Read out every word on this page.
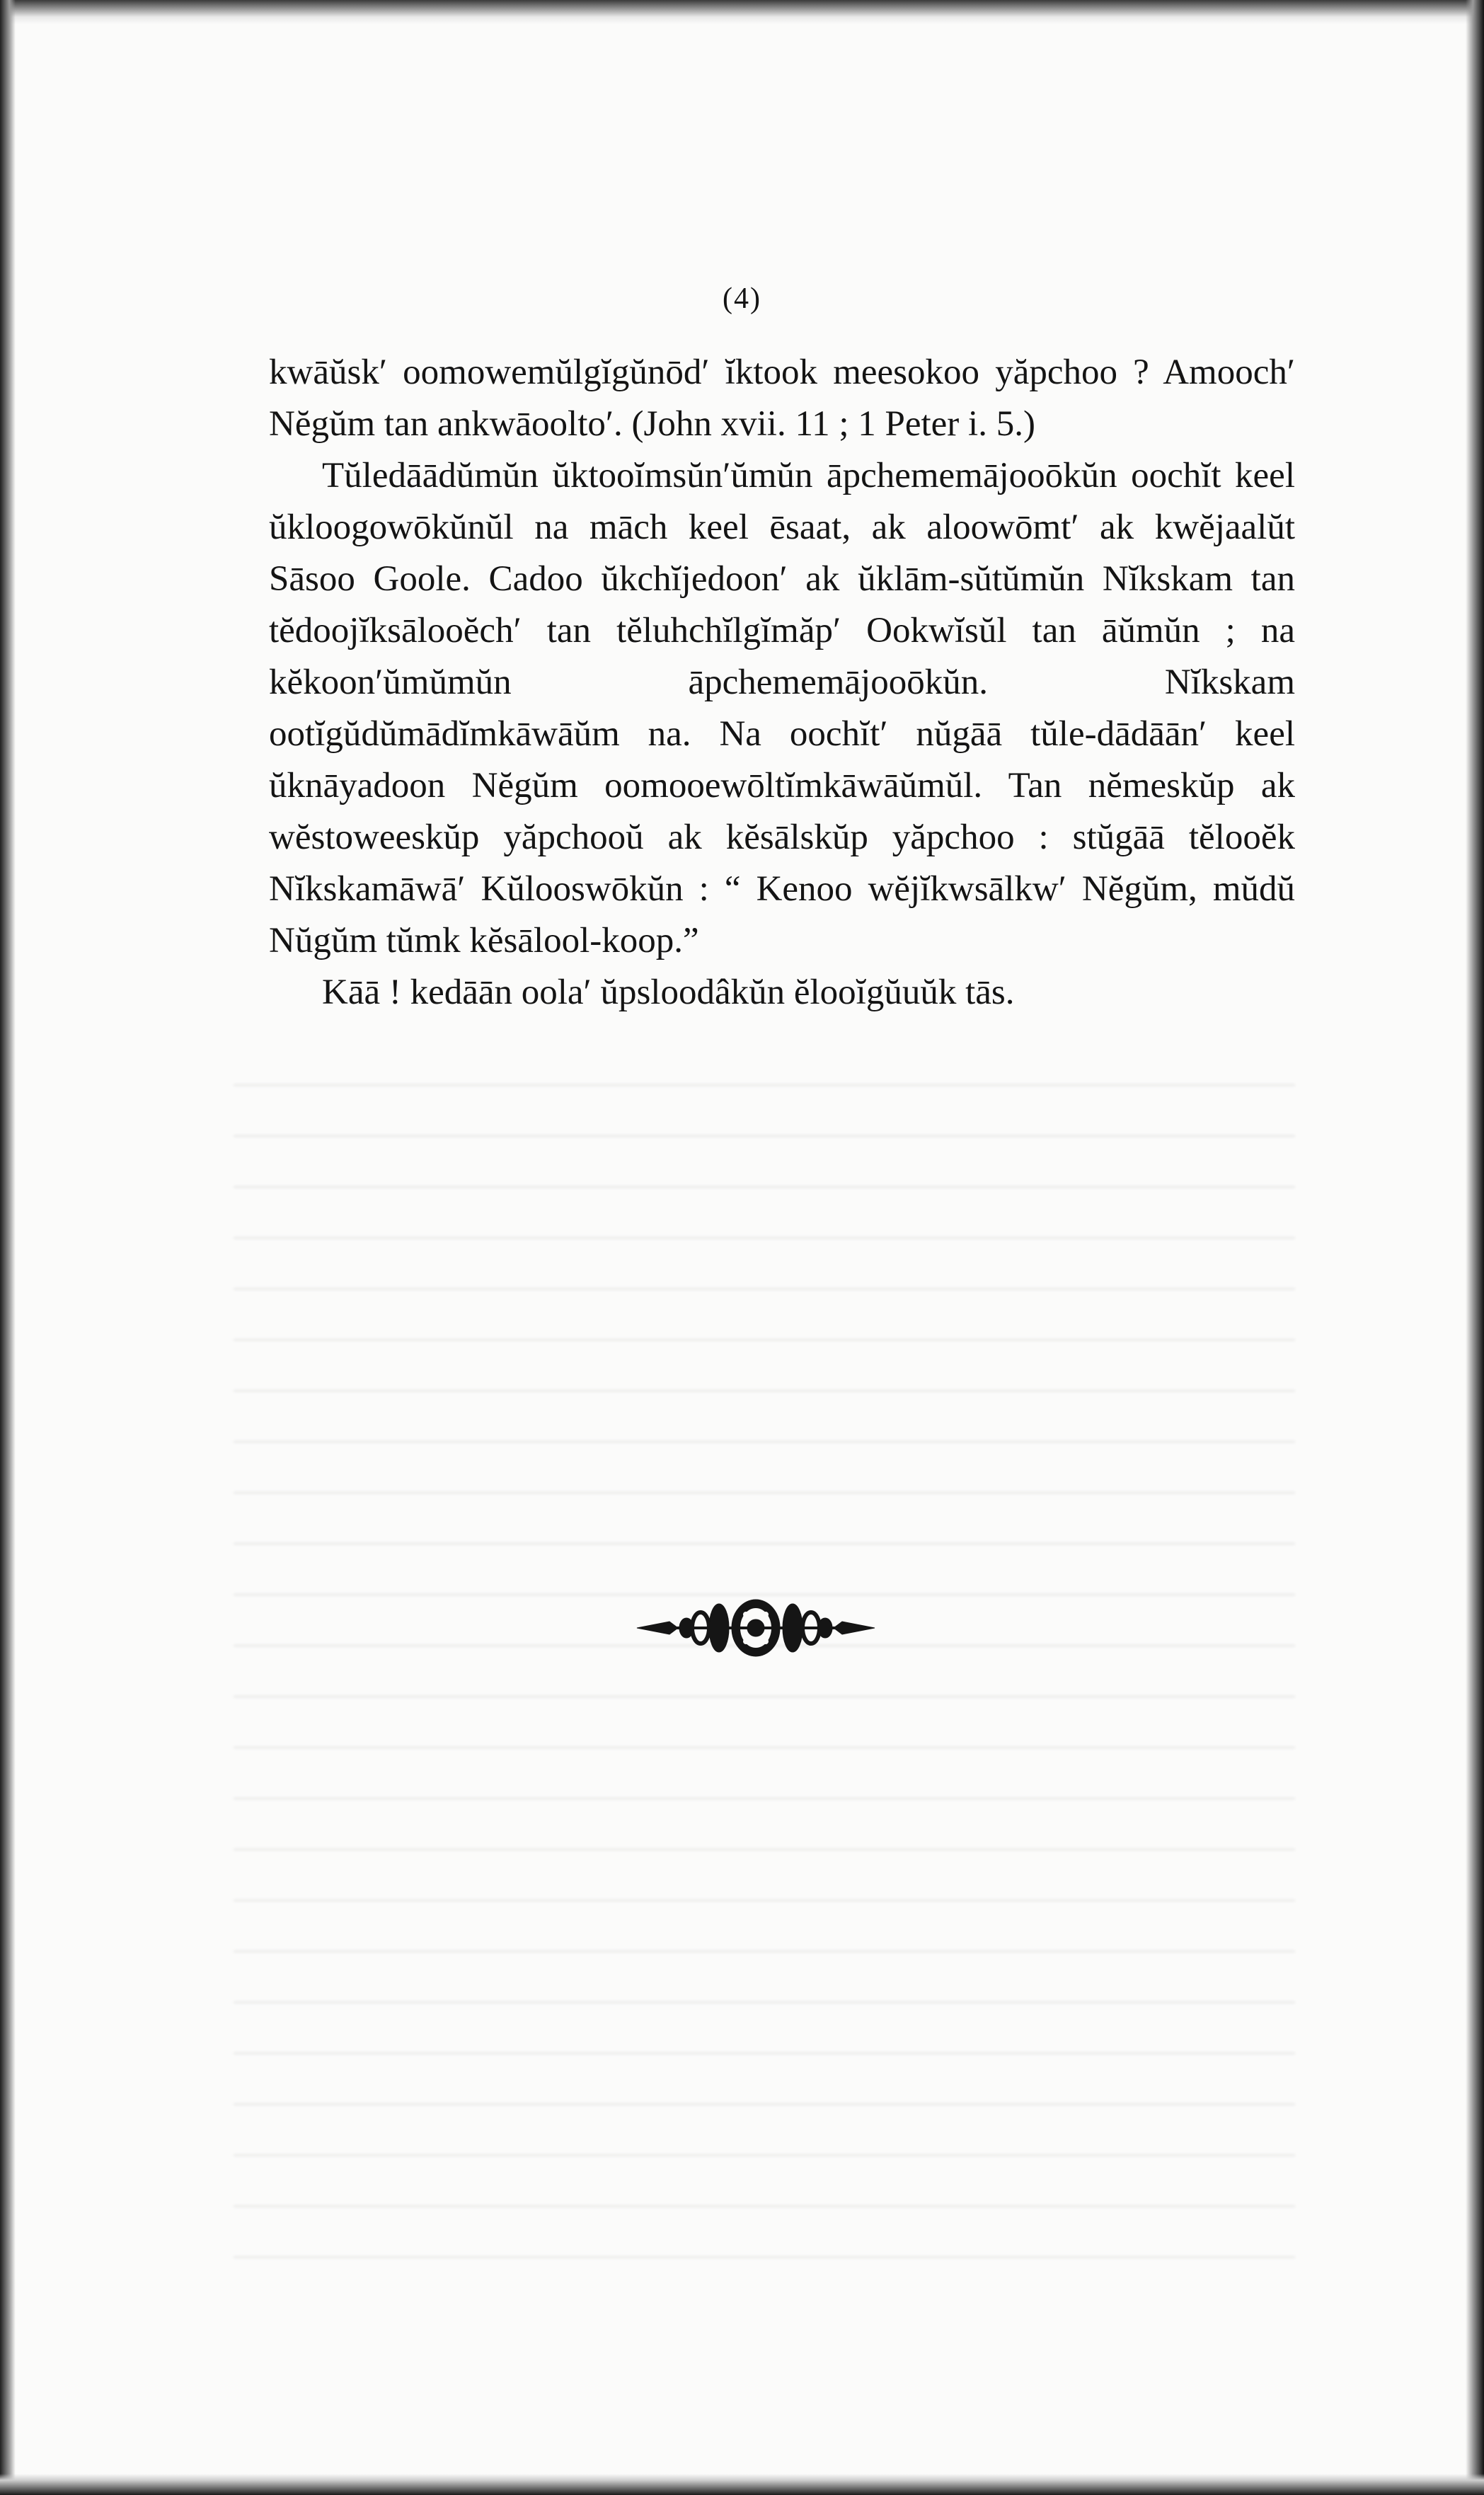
(4)

kwāŭsk′ oomowemŭlgĭgŭnōd′ ĭktook meesokoo yăpchoo ? Amooch′ Nĕgŭm tan ankwāoolto′. (John xvii. 11 ; 1 Peter i. 5.)

Tŭledāādŭmŭn ŭktooĭmsŭn′ŭmŭn āpchememājooōkŭn oochĭt keel ŭkloogowōkŭnŭl na māch keel ēsaat, ak aloowōmt′ ak kwĕjaalŭt Sāsoo Goole. Cadoo ŭkchĭjedoon′ ak ŭklām-sŭtŭmŭn Nĭkskam tan tĕdoojĭksālooĕch′ tan tĕluhchĭlgĭmăp′ Ookwĭsŭl tan āŭmŭn ; na kĕkoon′ŭmŭmŭn āpchememājooōkŭn. Nĭkskam ootĭgŭdŭmādĭmkāwāŭm na. Na oochĭt′ nŭgāā tŭle-dādāān′ keel ŭknāyadoon Nĕgŭm oomooewōltĭmkāwāŭmŭl. Tan nĕmeskŭp ak wĕstoweeskŭp yăpchooŭ ak kĕsālskŭp yăpchoo : stŭgāā tĕlooĕk Nĭkskamāwā′ Kŭlooswōkŭn : “ Kenoo wĕjĭkwsālkw′ Nĕgŭm, mŭdŭ Nŭgŭm tŭmk kĕsālool-koop.”

Kāā ! kedāān oola′ ŭpsloodâkŭn ĕlooĭgŭuŭk tās.
